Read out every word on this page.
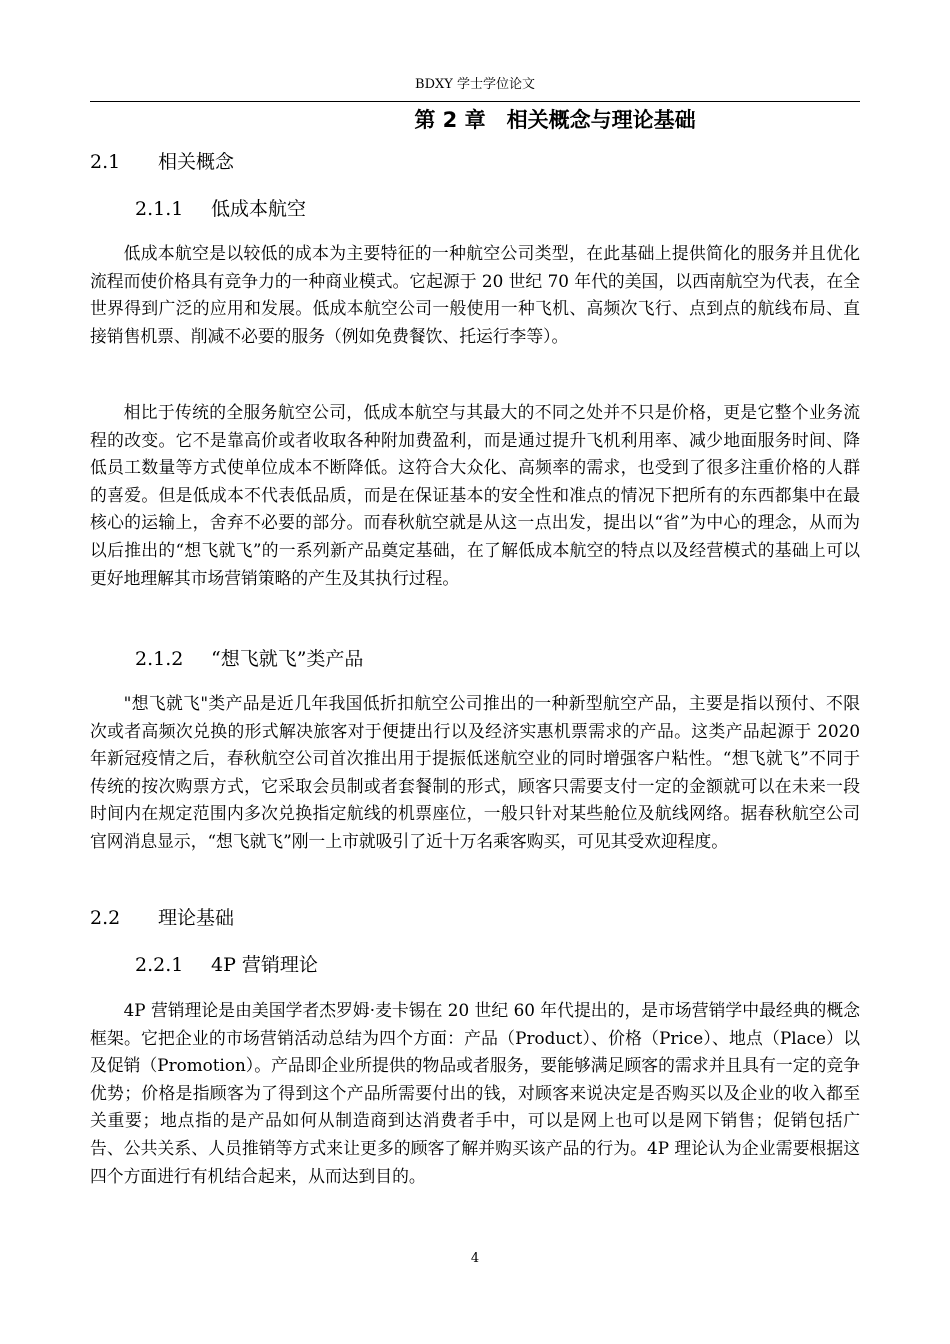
BDXY 学士学位论文
第 2 章　相关概念与理论基础
2.1 相关概念
2.1.1 低成本航空

低成本航空是以较低的成本为主要特征的一种航空公司类型，在此基础上提供简化的服务并且优化流程而使价格具有竞争力的一种商业模式。它起源于 20 世纪 70 年代的美国，以西南航空为代表，在全世界得到广泛的应用和发展。低成本航空公司一般使用一种飞机、高频次飞行、点到点的航线布局、直接销售机票、削减不必要的服务（例如免费餐饮、托运行李等）。

相比于传统的全服务航空公司，低成本航空与其最大的不同之处并不只是价格，更是它整个业务流程的改变。它不是靠高价或者收取各种附加费盈利，而是通过提升飞机利用率、减少地面服务时间、降低员工数量等方式使单位成本不断降低。这符合大众化、高频率的需求，也受到了很多注重价格的人群的喜爱。但是低成本不代表低品质，而是在保证基本的安全性和准点的情况下把所有的东西都集中在最核心的运输上，舍弃不必要的部分。而春秋航空就是从这一点出发，提出以“省”为中心的理念，从而为以后推出的“想飞就飞”的一系列新产品奠定基础，在了解低成本航空的特点以及经营模式的基础上可以更好地理解其市场营销策略的产生及其执行过程。

2.1.2 “想飞就飞”类产品

"想飞就飞"类产品是近几年我国低折扣航空公司推出的一种新型航空产品，主要是指以预付、不限次或者高频次兑换的形式解决旅客对于便捷出行以及经济实惠机票需求的产品。这类产品起源于 2020 年新冠疫情之后，春秋航空公司首次推出用于提振低迷航空业的同时增强客户粘性。“想飞就飞”不同于传统的按次购票方式，它采取会员制或者套餐制的形式，顾客只需要支付一定的金额就可以在未来一段时间内在规定范围内多次兑换指定航线的机票座位，一般只针对某些舱位及航线网络。据春秋航空公司官网消息显示，“想飞就飞”刚一上市就吸引了近十万名乘客购买，可见其受欢迎程度。

2.2 理论基础
2.2.1 4P 营销理论

4P 营销理论是由美国学者杰罗姆·麦卡锡在 20 世纪 60 年代提出的，是市场营销学中最经典的概念框架。它把企业的市场营销活动总结为四个方面：产品（Product）、价格（Price）、地点（Place）以及促销（Promotion）。产品即企业所提供的物品或者服务，要能够满足顾客的需求并且具有一定的竞争优势；价格是指顾客为了得到这个产品所需要付出的钱，对顾客来说决定是否购买以及企业的收入都至关重要；地点指的是产品如何从制造商到达消费者手中，可以是网上也可以是网下销售；促销包括广告、公共关系、人员推销等方式来让更多的顾客了解并购买该产品的行为。4P 理论认为企业需要根据这四个方面进行有机结合起来，从而达到目的。

4
